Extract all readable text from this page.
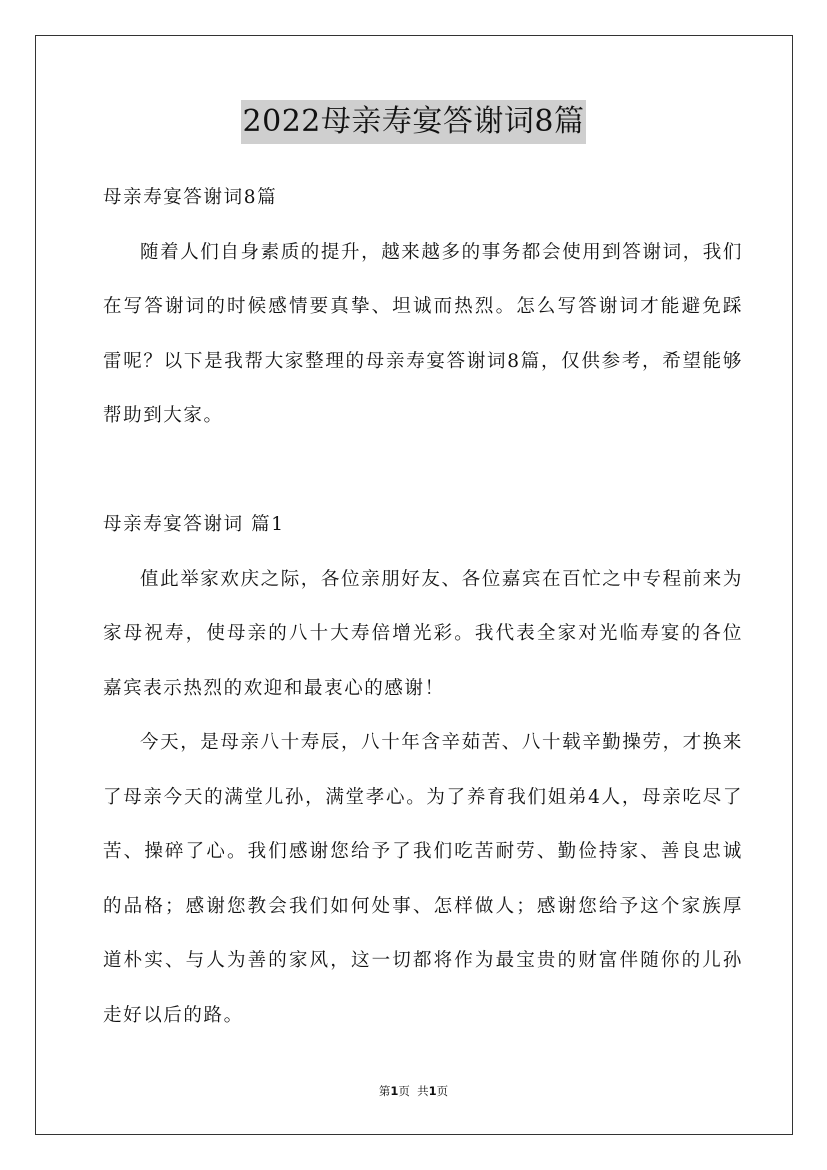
2022母亲寿宴答谢词8篇

母亲寿宴答谢词8篇

随着人们自身素质的提升，越来越多的事务都会使用到答谢词，我们在写答谢词的时候感情要真挚、坦诚而热烈。怎么写答谢词才能避免踩雷呢？以下是我帮大家整理的母亲寿宴答谢词8篇，仅供参考，希望能够帮助到大家。

母亲寿宴答谢词 篇1

值此举家欢庆之际，各位亲朋好友、各位嘉宾在百忙之中专程前来为家母祝寿，使母亲的八十大寿倍增光彩。我代表全家对光临寿宴的各位嘉宾表示热烈的欢迎和最衷心的感谢！

今天，是母亲八十寿辰，八十年含辛茹苦、八十载辛勤操劳，才换来了母亲今天的满堂儿孙，满堂孝心。为了养育我们姐弟4人，母亲吃尽了苦、操碎了心。我们感谢您给予了我们吃苦耐劳、勤俭持家、善良忠诚的品格；感谢您教会我们如何处事、怎样做人；感谢您给予这个家族厚道朴实、与人为善的家风，这一切都将作为最宝贵的财富伴随你的儿孙走好以后的路。

第1页 共1页
